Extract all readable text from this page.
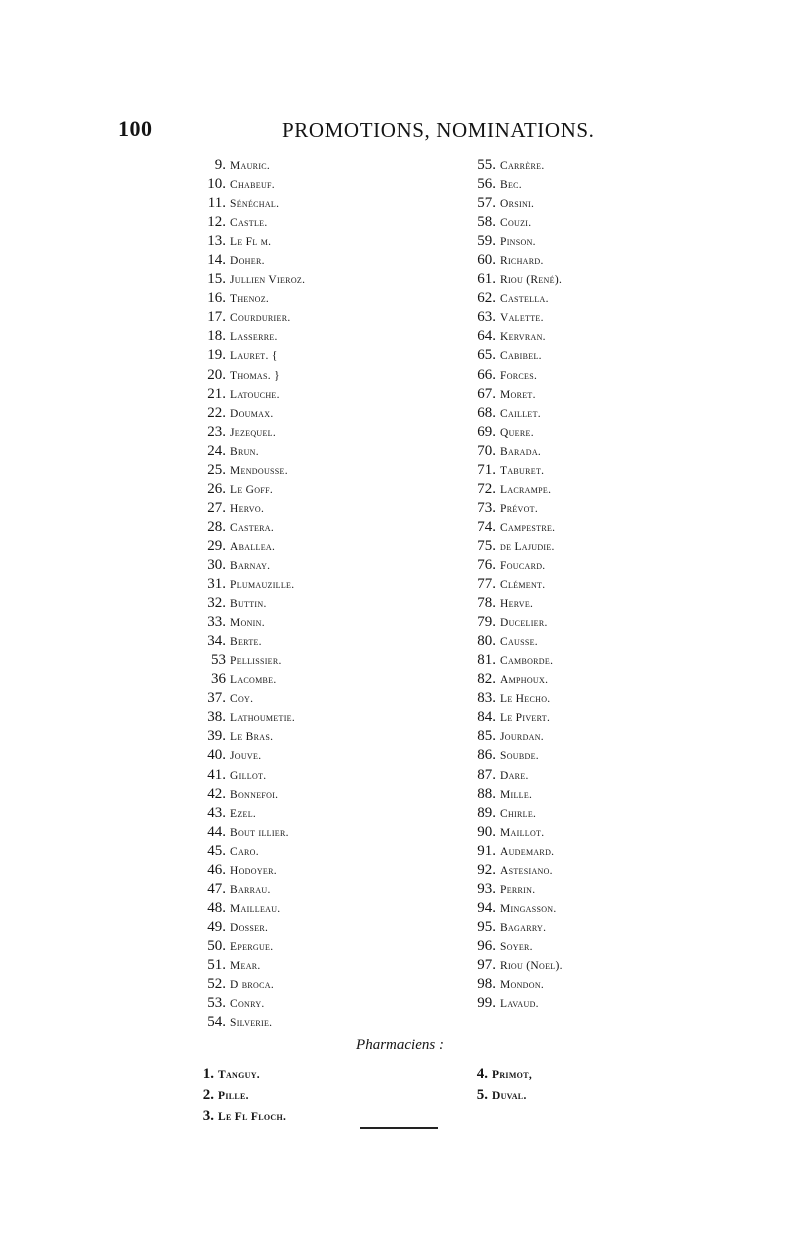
100	PROMOTIONS, NOMINATIONS.
9. Mauric.
10. Chabeuf.
11. Sénéchal.
12. Castle.
13. Le Fl m.
14. Doher.
15. Jullien Vieroz.
16. Thenoz.
17. Courdurier.
18. Lasserre.
19. Lauret. {
20. Thomas. }
21. Latouche.
22. Doumax.
23. Jezequel.
24. Brun.
25. Mendousse.
26. Le Goff.
27. Hervo.
28. Castera.
29. Aballea.
30. Barnay.
31. Plumauzille.
32. Buttin.
33. Monin.
34. Berte.
53 Pellissier.
36 Lacombe.
37. Coy.
38. Lathoumetie.
39. Le Bras.
40. Jouve.
41. Gillot.
42. Bonnefoi.
43. Ezel.
44. Bout illier.
45. Caro.
46. Hodoyer.
47. Barrau.
48. Mailleau.
49. Dosser.
50. Epergue.
51. Mear.
52. D broca.
53. Conry.
54. Silverie.
55. Carrère.
56. Bec.
57. Orsini.
58. Couzi.
59. Pinson.
60. Richard.
61. Riou (René).
62. Castella.
63. Valette.
64. Kervran.
65. Cabibel.
66. Forces.
67. Moret.
68. Caillet.
69. Quere.
70. Barada.
71. Taburet.
72. Lacrampe.
73. Prévot.
74. Campestre.
75. de Lajudie.
76. Foucard.
77. Clément.
78. Herve.
79. Ducelier.
80. Causse.
81. Camborde.
82. Amphoux.
83. Le Hecho.
84. Le Pivert.
85. Jourdan.
86. Soubde.
87. Dare.
88. Mille.
89. Chirle.
90. Maillot.
91. Audemard.
92. Astesiano.
93. Perrin.
94. Mingasson.
95. Bagarry.
96. Soyer.
97. Riou (Noel).
98. Mondon.
99. Lavaud.
Pharmaciens :
1. Tanguy.
2. Pille.
3. Le Fl Floch.
4. Primot,
5. Duval.
